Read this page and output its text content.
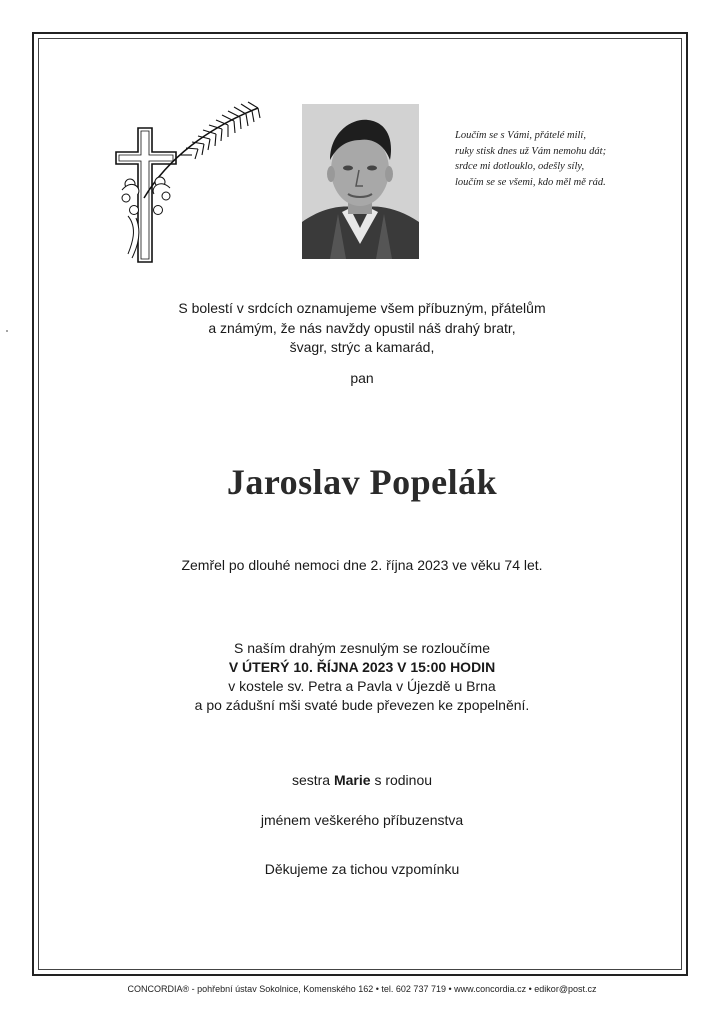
Loučím se s Vámi, přátelé milí,
ruky stisk dnes už Vám nemohu dát;
srdce mi dotlouklo, odešly síly,
loučím se se všemi, kdo měl mě rád.
S bolestí v srdcích oznamujeme všem příbuzným, přátelům
a známým, že nás navždy opustil náš drahý bratr,
švagr, strýc a kamarád,
pan
Jaroslav Popelák
Zemřel po dlouhé nemoci dne 2. října 2023 ve věku 74 let.
S naším drahým zesnulým se rozloučíme
V ÚTERÝ 10. ŘÍJNA 2023 V 15:00 HODIN
v kostele sv. Petra a Pavla v Újezdě u Brna
a po zádušní mši svaté bude převezen ke zpopelnění.
sestra Marie s rodinou
jménem veškerého příbuzenstva
Děkujeme za tichou vzpomínku
CONCORDIA® - pohřební ústav Sokolnice, Komenského 162 • tel. 602 737 719 • www.concordia.cz • edikor@post.cz
